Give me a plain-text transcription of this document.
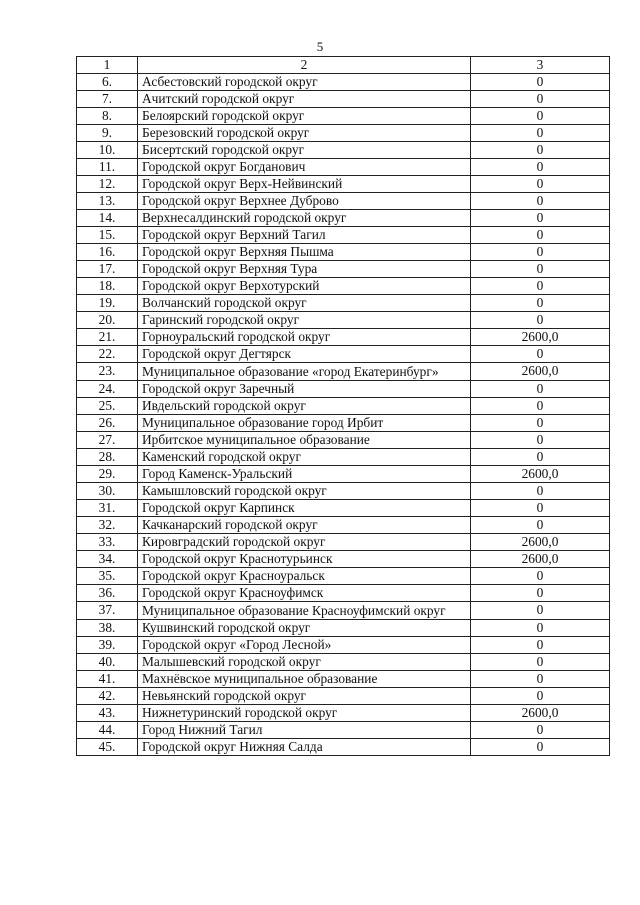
5
1	2	3
6.	Асбестовский городской округ	0
7.	Ачитский городской округ	0
8.	Белоярский городской округ	0
9.	Березовский городской округ	0
10.	Бисертский городской округ	0
11.	Городской округ Богданович	0
12.	Городской округ Верх-Нейвинский	0
13.	Городской округ Верхнее Дуброво	0
14.	Верхнесалдинский городской округ	0
15.	Городской округ Верхний Тагил	0
16.	Городской округ Верхняя Пышма	0
17.	Городской округ Верхняя Тура	0
18.	Городской округ Верхотурский	0
19.	Волчанский городской округ	0
20.	Гаринский городской округ	0
21.	Горноуральский городской округ	2600,0
22.	Городской округ Дегтярск	0
23.	Муниципальное образование «город Екатеринбург»	2600,0
24.	Городской округ Заречный	0
25.	Ивдельский городской округ	0
26.	Муниципальное образование город Ирбит	0
27.	Ирбитское муниципальное образование	0
28.	Каменский городской округ	0
29.	Город Каменск-Уральский	2600,0
30.	Камышловский городской округ	0
31.	Городской округ Карпинск	0
32.	Качканарский городской округ	0
33.	Кировградский городской округ	2600,0
34.	Городской округ Краснотурьинск	2600,0
35.	Городской округ Красноуральск	0
36.	Городской округ Красноуфимск	0
37.	Муниципальное образование Красноуфимский округ	0
38.	Кушвинский городской округ	0
39.	Городской округ «Город Лесной»	0
40.	Малышевский городской округ	0
41.	Махнёвское муниципальное образование	0
42.	Невьянский городской округ	0
43.	Нижнетуринский городской округ	2600,0
44.	Город Нижний Тагил	0
45.	Городской округ Нижняя Салда	0
